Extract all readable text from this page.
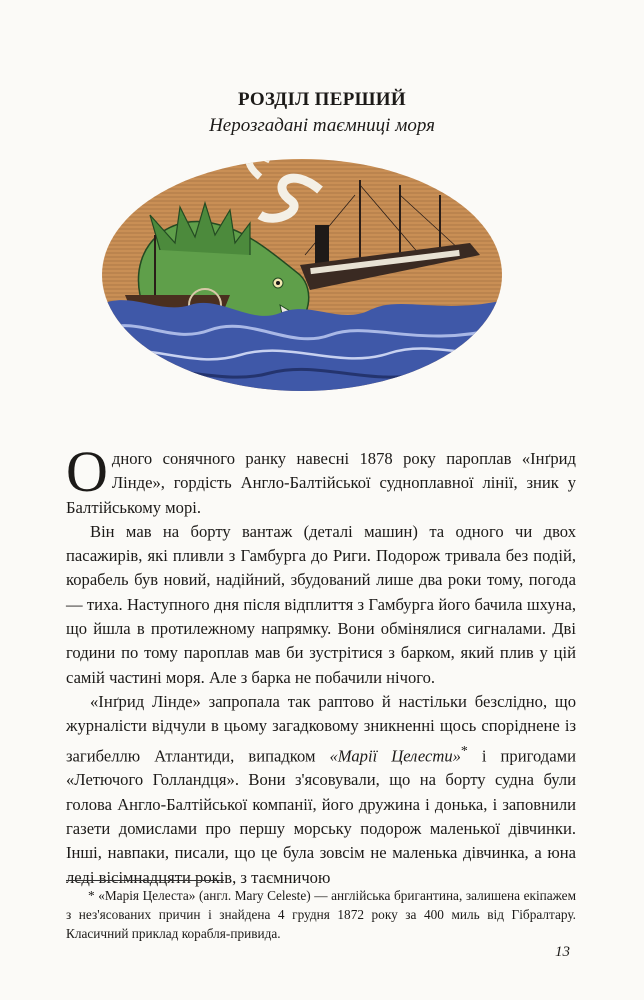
РОЗДІЛ ПЕРШИЙ
Нерозгадані таємниці моря

Одного сонячного ранку навесні 1878 року пароплав «Інґрид Лінде», гордість Англо-Балтійської судноплавної лінії, зник у Балтійському морі.

Він мав на борту вантаж (деталі машин) та одного чи двох пасажирів, які пливли з Гамбурга до Риги. Подорож тривала без подій, корабель був новий, надійний, збудований лише два роки тому, погода — тиха. Наступного дня після відплиття з Гамбурга його бачила шхуна, що йшла в протилежному напрямку. Вони обмінялися сигналами. Дві години по тому пароплав мав би зустрітися з барком, який плив у цій самій частині моря. Але з барка не побачили нічого.

«Інґрид Лінде» запропала так раптово й настільки безслідно, що журналісти відчули в цьому загадковому зникненні щось споріднене із загибеллю Атлантиди, випадком «Марії Целести»* і пригодами «Летючого Голландця». Вони з'ясовували, що на борту судна були голова Англо-Балтійської компанії, його дружина і донька, і заповнили газети домислами про першу морську подорож маленької дівчинки. Інші, навпаки, писали, що це була зовсім не маленька дівчинка, а юна леді вісімнадцяти років, з таємничою

* «Марія Целеста» (англ. Mary Celeste) — англійська бригантина, залишена екіпажем з нез'ясованих причин і знайдена 4 грудня 1872 року за 400 миль від Гібралтару. Класичний приклад корабля-привида.
13
